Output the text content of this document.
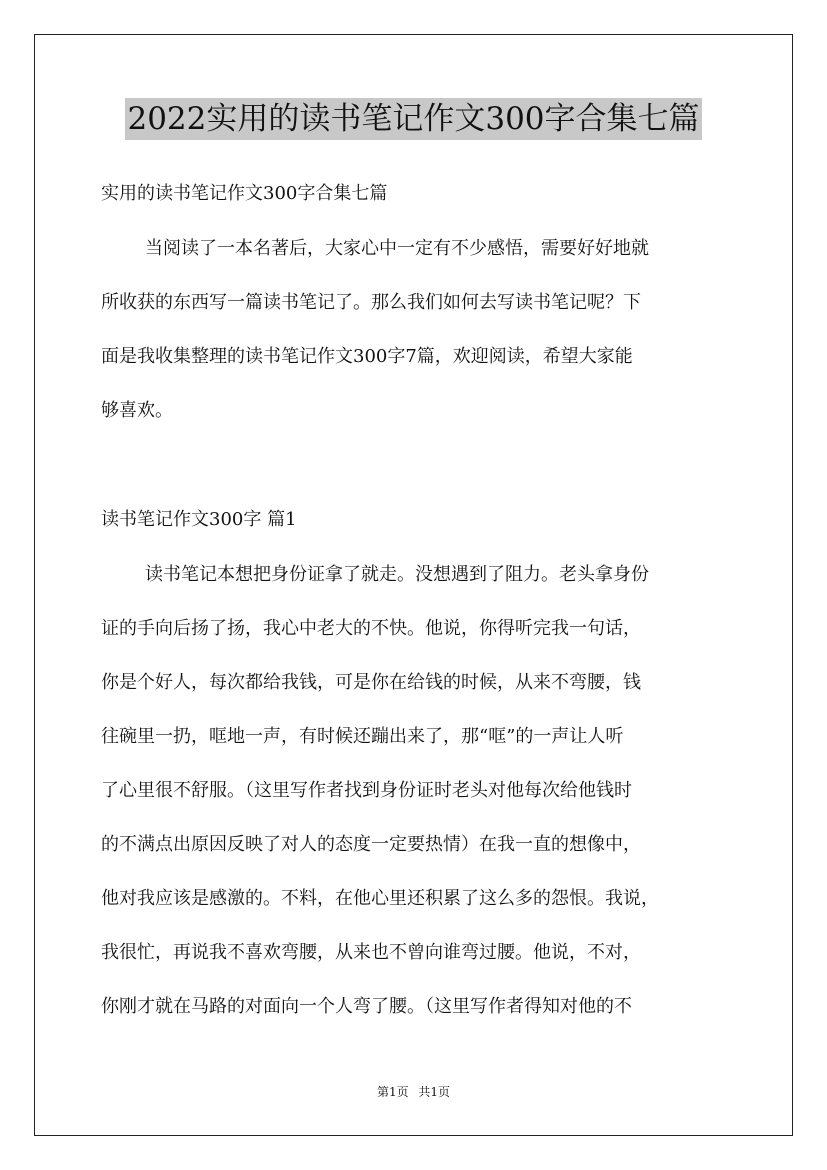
2022实用的读书笔记作文300字合集七篇
实用的读书笔记作文300字合集七篇
当阅读了一本名著后，大家心中一定有不少感悟，需要好好地就
所收获的东西写一篇读书笔记了。那么我们如何去写读书笔记呢？下
面是我收集整理的读书笔记作文300字7篇，欢迎阅读，希望大家能
够喜欢。
读书笔记作文300字 篇1
读书笔记本想把身份证拿了就走。没想遇到了阻力。老头拿身份
证的手向后扬了扬，我心中老大的不快。他说，你得听完我一句话，
你是个好人，每次都给我钱，可是你在给钱的时候，从来不弯腰，钱
往碗里一扔，哐地一声，有时候还蹦出来了，那“哐”的一声让人听
了心里很不舒服。（这里写作者找到身份证时老头对他每次给他钱时
的不满点出原因反映了对人的态度一定要热情）在我一直的想像中，
他对我应该是感激的。不料，在他心里还积累了这么多的怨恨。我说，
我很忙，再说我不喜欢弯腰，从来也不曾向谁弯过腰。他说，不对，
你刚才就在马路的对面向一个人弯了腰。（这里写作者得知对他的不
第1页 共1页
